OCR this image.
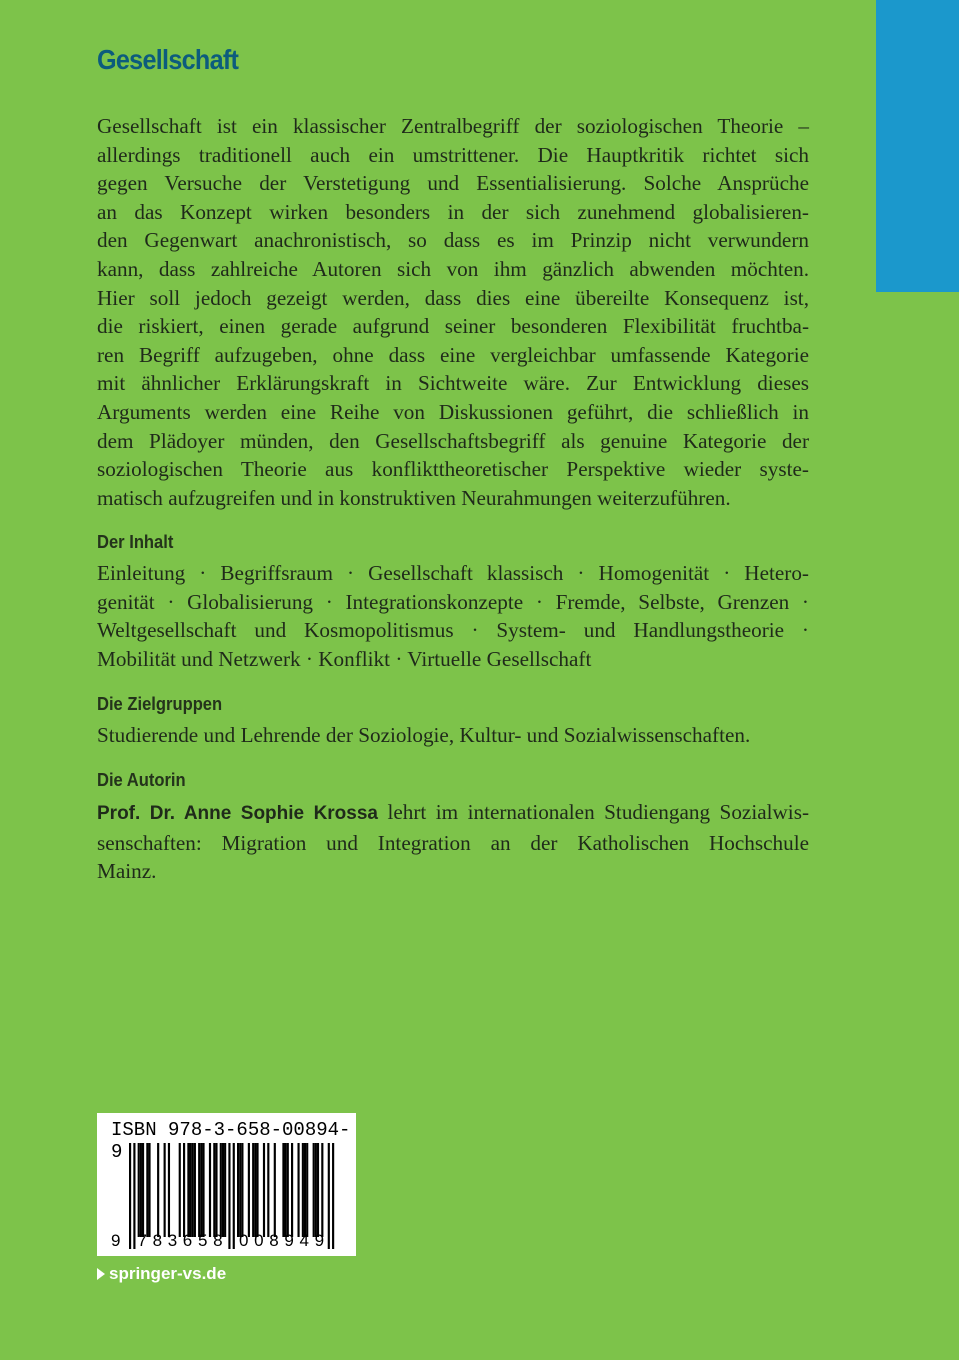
Gesellschaft
Gesellschaft ist ein klassischer Zentralbegriff der soziologischen Theorie –
allerdings traditionell auch ein umstrittener. Die Hauptkritik richtet sich
gegen Versuche der Verstetigung und Essentialisierung. Solche Ansprüche
an das Konzept wirken besonders in der sich zunehmend globalisieren-
den Gegenwart anachronistisch, so dass es im Prinzip nicht verwundern
kann, dass zahlreiche Autoren sich von ihm gänzlich abwenden möchten.
Hier soll jedoch gezeigt werden, dass dies eine übereilte Konsequenz ist,
die riskiert, einen gerade aufgrund seiner besonderen Flexibilität fruchtba-
ren Begriff aufzugeben, ohne dass eine vergleichbar umfassende Kategorie
mit ähnlicher Erklärungskraft in Sichtweite wäre. Zur Entwicklung dieses
Arguments werden eine Reihe von Diskussionen geführt, die schließlich in
dem Plädoyer münden, den Gesellschaftsbegriff als genuine Kategorie der
soziologischen Theorie aus konflikttheoretischer Perspektive wieder syste-
matisch aufzugreifen und in konstruktiven Neurahmungen weiterzuführen.
Der Inhalt
Einleitung · Begriffsraum · Gesellschaft klassisch · Homogenität · Hetero-
genität · Globalisierung · Integrationskonzepte · Fremde, Selbste, Grenzen ·
Weltgesellschaft und Kosmopolitismus · System- und Handlungstheorie ·
Mobilität und Netzwerk · Konflikt · Virtuelle Gesellschaft
Die Zielgruppen
Studierende und Lehrende der Soziologie, Kultur- und Sozialwissenschaften.
Die Autorin
Prof. Dr. Anne Sophie Krossa lehrt im internationalen Studiengang Sozialwis-
senschaften: Migration und Integration an der Katholischen Hochschule
Mainz.
ISBN 978-3-658-00894-9
9 7 8 3 6 5 8 0 0 8 9 4 9
springer-vs.de
